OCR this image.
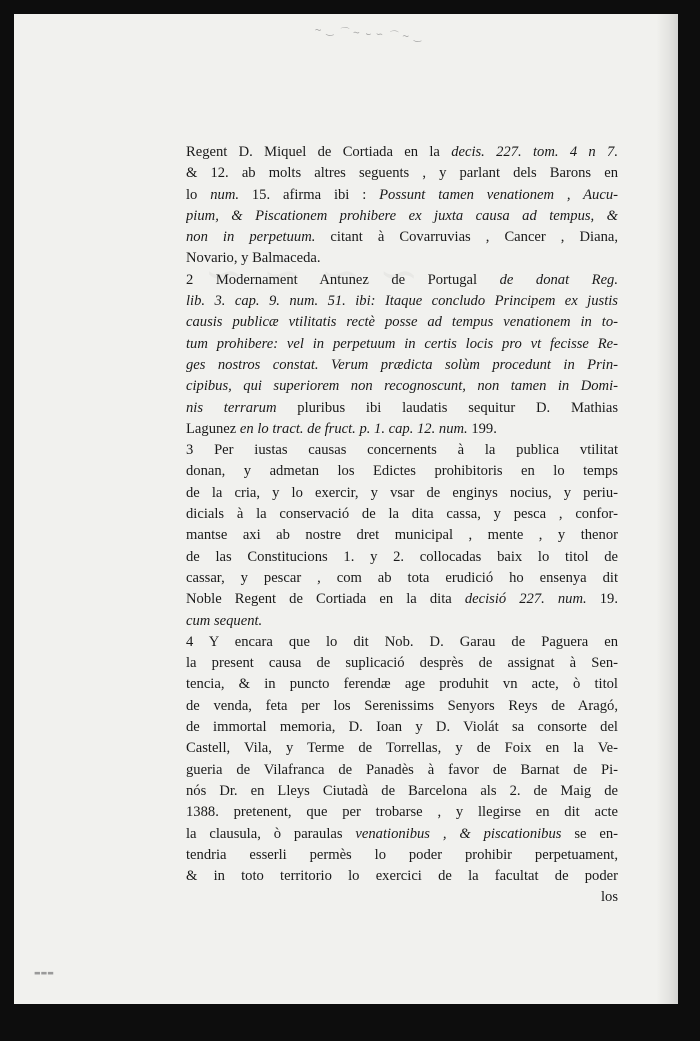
∼ ‿ ⌒ ∼ ⌣ ∽ ⌒ ∼ ‿
▬▬▬
Regent D. Miquel de Cortiada en la decis. 227. tom. 4 n 7.
& 12. ab molts altres seguents , y parlant dels Barons en
lo num. 15. afirma ibi : Possunt tamen venationem , Aucu-
pium, & Piscationem prohibere ex juxta causa ad tempus, &
non in perpetuum. citant à Covarruvias , Cancer , Diana,
Novario, y Balmaceda.
2 Modernament Antunez de Portugal de donat Reg.
lib. 3. cap. 9. num. 51. ibi: Itaque concludo Principem ex justis
causis publicæ vtilitatis rectè posse ad tempus venationem in to-
tum prohibere: vel in perpetuum in certis locis pro vt fecisse Re-
ges nostros constat. Verum prædicta solùm procedunt in Prin-
cipibus, qui superiorem non recognoscunt, non tamen in Domi-
nis terrarum pluribus ibi laudatis sequitur D. Mathias
Lagunez en lo tract. de fruct. p. 1. cap. 12. num. 199.
3 Per iustas causas concernents à la publica vtilitat
donan, y admetan los Edictes prohibitoris en lo temps
de la cria, y lo exercir, y vsar de enginys nocius, y periu-
dicials à la conservació de la dita cassa, y pesca , confor-
mantse axi ab nostre dret municipal , mente , y thenor
de las Constitucions 1. y 2. collocadas baix lo titol de
cassar, y pescar , com ab tota erudició ho ensenya dit
Noble Regent de Cortiada en la dita decisió 227. num. 19.
cum sequent.
4 Y encara que lo dit Nob. D. Garau de Paguera en
la present causa de suplicació desprès de assignat à Sen-
tencia, & in puncto ferendæ age produhit vn acte, ò titol
de venda, feta per los Serenissims Senyors Reys de Aragó,
de immortal memoria, D. Ioan y D. Violát sa consorte del
Castell, Vila, y Terme de Torrellas, y de Foix en la Ve-
gueria de Vilafranca de Panadès à favor de Barnat de Pi-
nós Dr. en Lleys Ciutadà de Barcelona als 2. de Maig de
1388. pretenent, que per trobarse , y llegirse en dit acte
la clausula, ò paraulas venationibus , & piscationibus se en-
tendria esserli permès lo poder prohibir perpetuament,
& in toto territorio lo exercici de la facultat de poder
los
